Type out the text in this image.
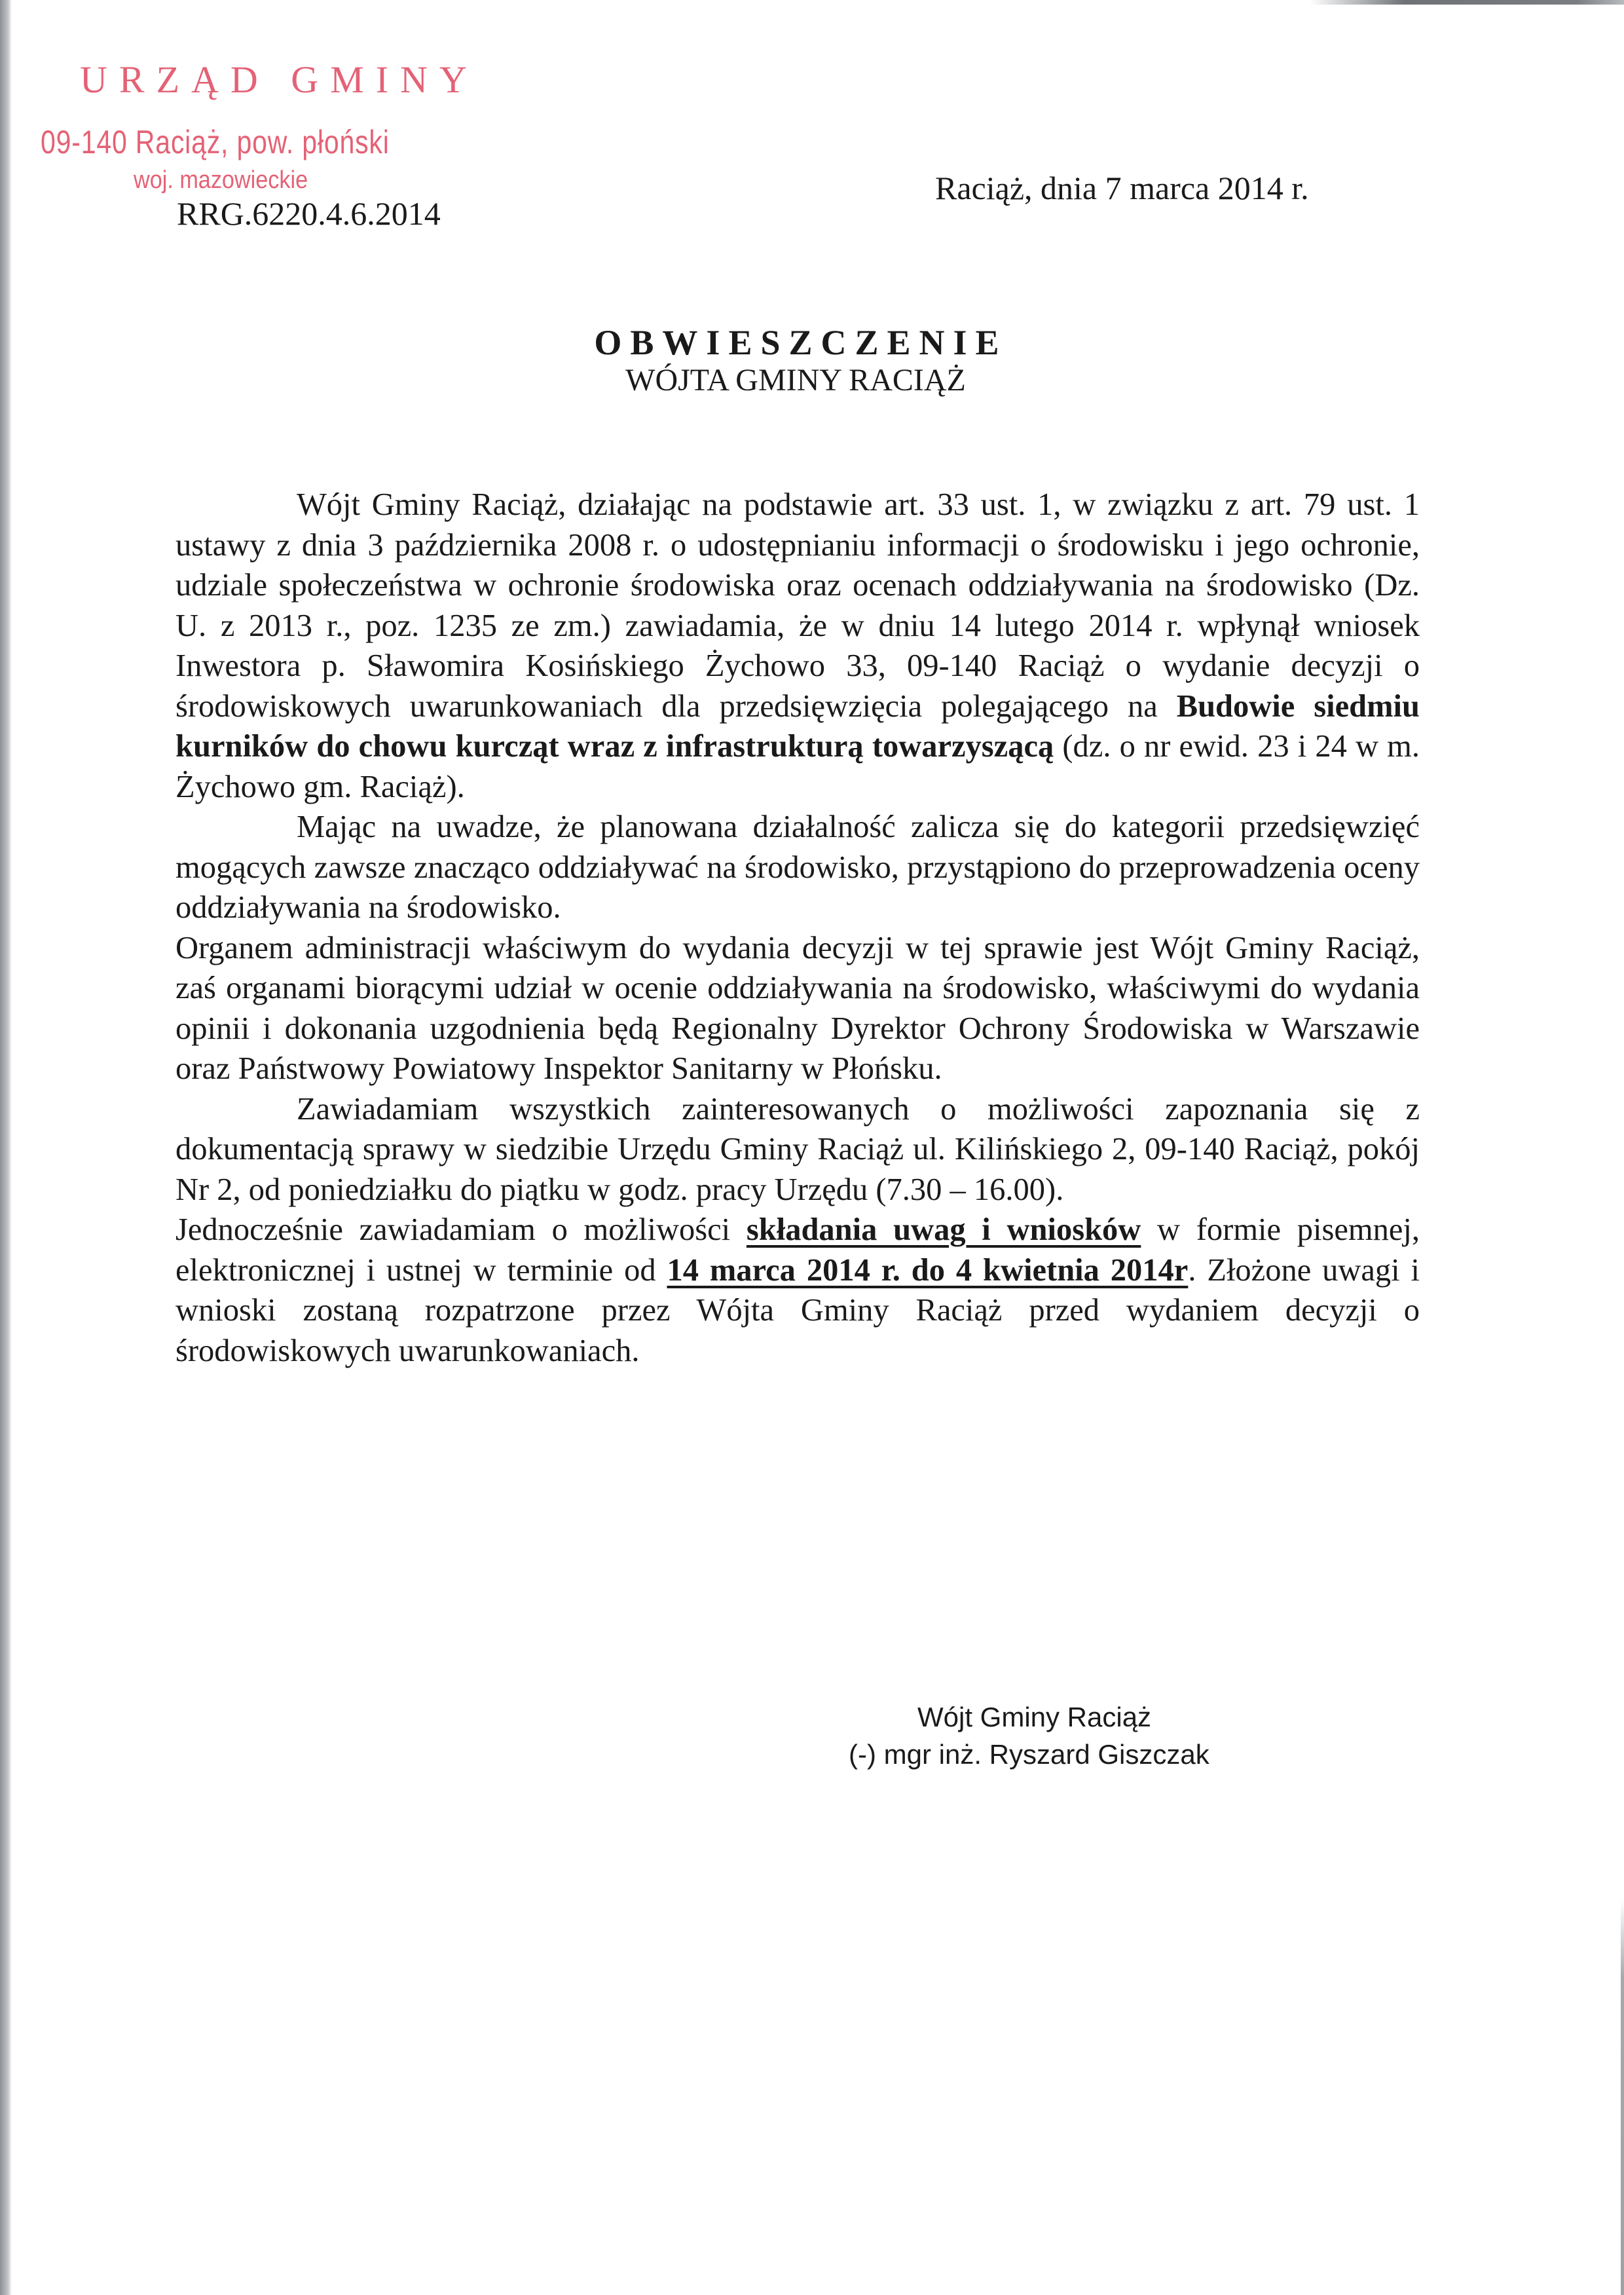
URZĄD GMINY
09-140 Raciąż, pow. płoński
woj. mazowieckie
RRG.6220.4.6.2014
Raciąż, dnia 7 marca 2014 r.
OBWIESZCZENIE
WÓJTA GMINY RACIĄŻ

Wójt Gminy Raciąż, działając na podstawie art. 33 ust. 1, w związku z art. 79 ust. 1 ustawy z dnia 3 października 2008 r. o udostępnianiu informacji o środowisku i jego ochronie, udziale społeczeństwa w ochronie środowiska oraz ocenach oddziaływania na środowisko (Dz. U. z 2013 r., poz. 1235 ze zm.) zawiadamia, że w dniu 14 lutego 2014 r. wpłynął wniosek Inwestora p. Sławomira Kosińskiego Żychowo 33, 09-140 Raciąż o wydanie decyzji o środowiskowych uwarunkowaniach dla przedsięwzięcia polegającego na Budowie siedmiu kurników do chowu kurcząt wraz z infrastrukturą towarzyszącą (dz. o nr ewid. 23 i 24 w m. Żychowo gm. Raciąż).

Mając na uwadze, że planowana działalność zalicza się do kategorii przedsięwzięć mogących zawsze znacząco oddziaływać na środowisko, przystąpiono do przeprowadzenia oceny oddziaływania na środowisko.

Organem administracji właściwym do wydania decyzji w tej sprawie jest Wójt Gminy Raciąż, zaś organami biorącymi udział w ocenie oddziaływania na środowisko, właściwymi do wydania opinii i dokonania uzgodnienia będą Regionalny Dyrektor Ochrony Środowiska w Warszawie oraz Państwowy Powiatowy Inspektor Sanitarny w Płońsku.

Zawiadamiam wszystkich zainteresowanych o możliwości zapoznania się z dokumentacją sprawy w siedzibie Urzędu Gminy Raciąż ul. Kilińskiego 2, 09-140 Raciąż, pokój Nr 2, od poniedziałku do piątku w godz. pracy Urzędu (7.30 – 16.00).

Jednocześnie zawiadamiam o możliwości składania uwag i wniosków w formie pisemnej, elektronicznej i ustnej w terminie od 14 marca 2014 r. do 4 kwietnia 2014r. Złożone uwagi i wnioski zostaną rozpatrzone przez Wójta Gminy Raciąż przed wydaniem decyzji o środowiskowych uwarunkowaniach.

Wójt Gminy Raciąż
(-) mgr inż. Ryszard Giszczak
